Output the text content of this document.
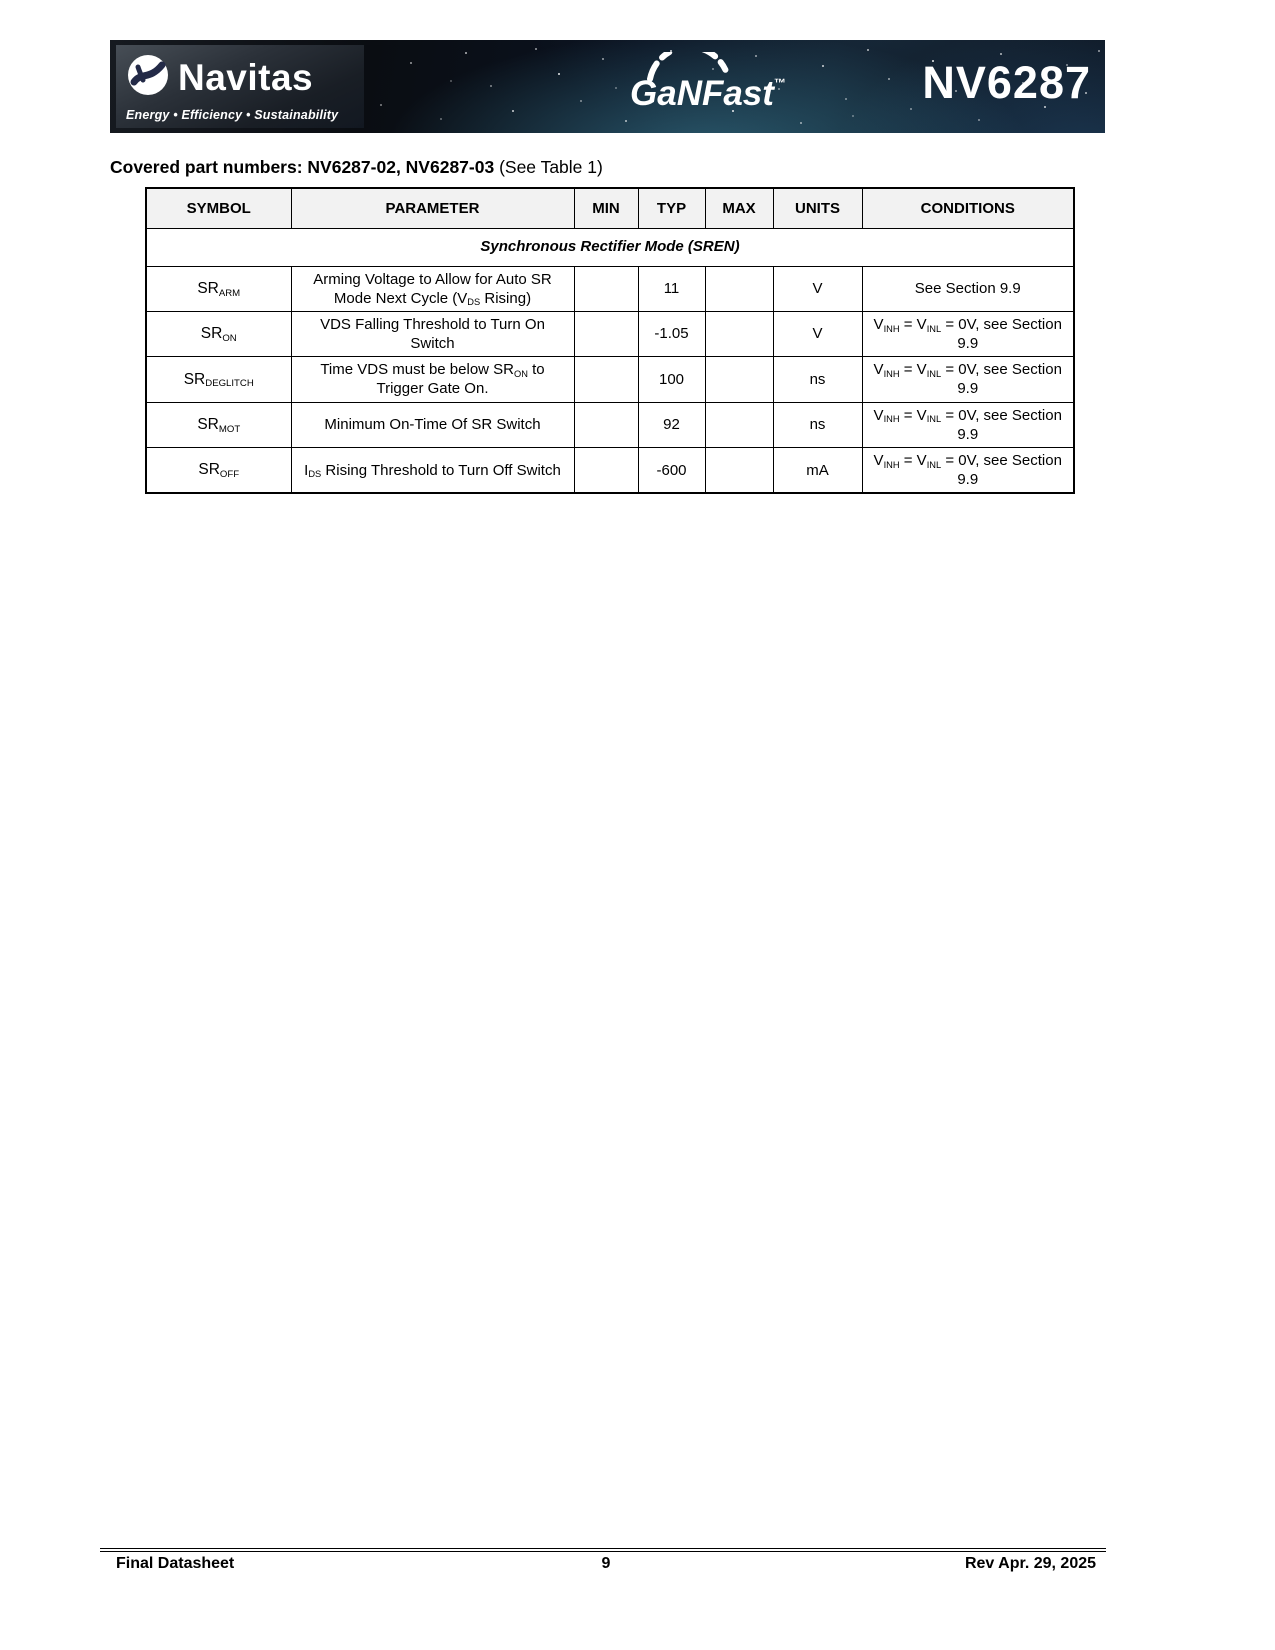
Navitas
Energy • Efficiency • Sustainability
GaNFast™	NV6287
Covered part numbers: NV6287-02, NV6287-03 (See Table 1)
SYMBOL	PARAMETER	MIN	TYP	MAX	UNITS	CONDITIONS
Synchronous Rectifier Mode (SREN)						
$SR_{ARM}$	Arming Voltage to Allow for Auto SR Mode Next Cycle ($V_{DS}$ Rising)		11		V	See Section 9.9
$SR_{ON}$	VDS Falling Threshold to Turn On Switch		-1.05		V	$V_{INH} = V_{INL} = 0V$, see Section 9.9
$SR_{DEGLITCH}$	Time VDS must be below $SR_{ON}$ to Trigger Gate On.		100		ns	$V_{INH} = V_{INL} = 0V$, see Section 9.9
$SR_{MOT}$	Minimum On-Time Of SR Switch		92		ns	$V_{INH} = V_{INL} = 0V$, see Section 9.9
$SR_{OFF}$	$I_{DS}$ Rising Threshold to Turn Off Switch		-600		mA	$V_{INH} = V_{INL} = 0V$, see Section 9.9
Final Datasheet	9	Rev Apr. 29, 2025
